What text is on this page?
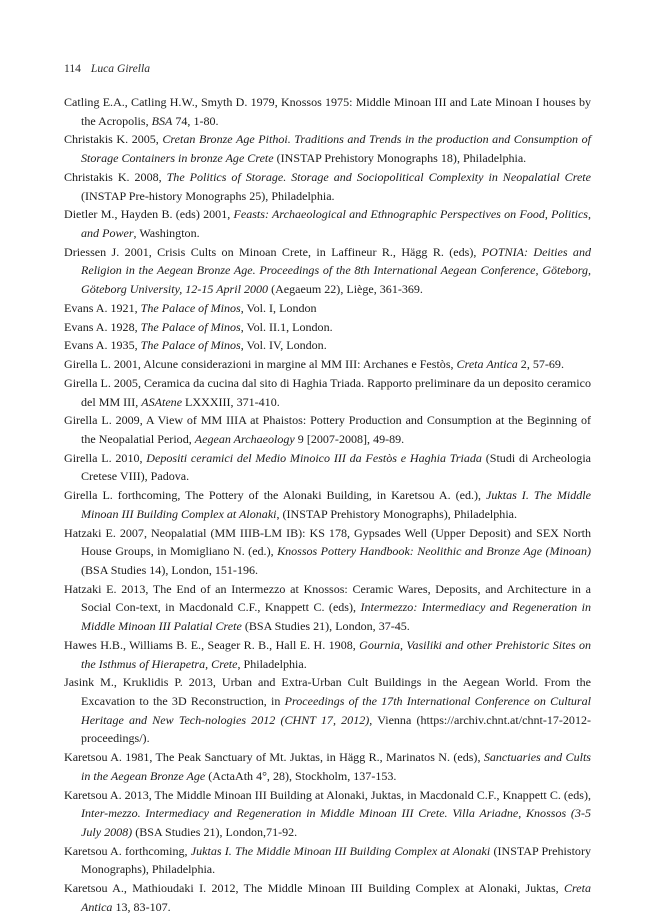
114 Luca Girella
Catling E.A., Catling H.W., Smyth D. 1979, Knossos 1975: Middle Minoan III and Late Minoan I houses by the Acropolis, BSA 74, 1-80.
Christakis K. 2005, Cretan Bronze Age Pithoi. Traditions and Trends in the production and Consumption of Storage Containers in bronze Age Crete (INSTAP Prehistory Monographs 18), Philadelphia.
Christakis K. 2008, The Politics of Storage. Storage and Sociopolitical Complexity in Neopalatial Crete (INSTAP Pre-history Monographs 25), Philadelphia.
Dietler M., Hayden B. (eds) 2001, Feasts: Archaeological and Ethnographic Perspectives on Food, Politics, and Power, Washington.
Driessen J. 2001, Crisis Cults on Minoan Crete, in Laffineur R., Hägg R. (eds), POTNIA: Deities and Religion in the Aegean Bronze Age. Proceedings of the 8th International Aegean Conference, Göteborg, Göteborg University, 12-15 April 2000 (Aegaeum 22), Liège, 361-369.
Evans A. 1921, The Palace of Minos, Vol. I, London
Evans A. 1928, The Palace of Minos, Vol. II.1, London.
Evans A. 1935, The Palace of Minos, Vol. IV, London.
Girella L. 2001, Alcune considerazioni in margine al MM III: Archanes e Festòs, Creta Antica 2, 57-69.
Girella L. 2005, Ceramica da cucina dal sito di Haghia Triada. Rapporto preliminare da un deposito ceramico del MM III, ASAtene LXXXIII, 371-410.
Girella L. 2009, A View of MM IIIA at Phaistos: Pottery Production and Consumption at the Beginning of the Neopalatial Period, Aegean Archaeology 9 [2007-2008], 49-89.
Girella L. 2010, Depositi ceramici del Medio Minoico III da Festòs e Haghia Triada (Studi di Archeologia Cretese VIII), Padova.
Girella L. forthcoming, The Pottery of the Alonaki Building, in Karetsou A. (ed.), Juktas I. The Middle Minoan III Building Complex at Alonaki, (INSTAP Prehistory Monographs), Philadelphia.
Hatzaki E. 2007, Neopalatial (MM IIIB-LM IB): KS 178, Gypsades Well (Upper Deposit) and SEX North House Groups, in Momigliano N. (ed.), Knossos Pottery Handbook: Neolithic and Bronze Age (Minoan) (BSA Studies 14), London, 151-196.
Hatzaki E. 2013, The End of an Intermezzo at Knossos: Ceramic Wares, Deposits, and Architecture in a Social Con-text, in Macdonald C.F., Knappett C. (eds), Intermezzo: Intermediacy and Regeneration in Middle Minoan III Palatial Crete (BSA Studies 21), London, 37-45.
Hawes H.B., Williams B. E., Seager R. B., Hall E. H. 1908, Gournia, Vasiliki and other Prehistoric Sites on the Isthmus of Hierapetra, Crete, Philadelphia.
Jasink M., Kruklidis P. 2013, Urban and Extra-Urban Cult Buildings in the Aegean World. From the Excavation to the 3D Reconstruction, in Proceedings of the 17th International Conference on Cultural Heritage and New Tech-nologies 2012 (CHNT 17, 2012), Vienna (https://archiv.chnt.at/chnt-17-2012-proceedings/).
Karetsou A. 1981, The Peak Sanctuary of Mt. Juktas, in Hägg R., Marinatos N. (eds), Sanctuaries and Cults in the Aegean Bronze Age (ActaAth 4°, 28), Stockholm, 137-153.
Karetsou A. 2013, The Middle Minoan III Building at Alonaki, Juktas, in Macdonald C.F., Knappett C. (eds), Inter-mezzo. Intermediacy and Regeneration in Middle Minoan III Crete. Villa Ariadne, Knossos (3-5 July 2008) (BSA Studies 21), London,71-92.
Karetsou A. forthcoming, Juktas I. The Middle Minoan III Building Complex at Alonaki (INSTAP Prehistory Monographs), Philadelphia.
Karetsou A., Mathioudaki I. 2012, The Middle Minoan III Building Complex at Alonaki, Juktas, Creta Antica 13, 83-107.
